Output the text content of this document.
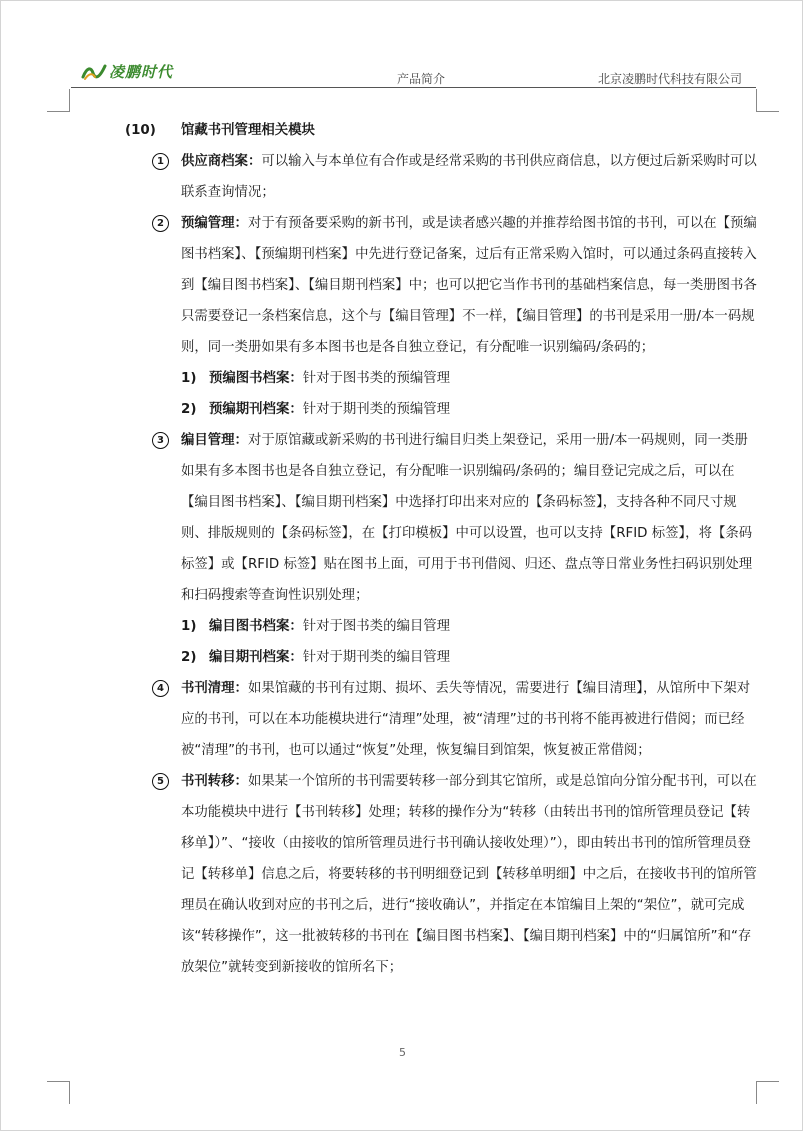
凌鹏时代	产品简介	北京凌鹏时代科技有限公司
(10)	馆藏书刊管理相关模块
1	供应商档案：可以输入与本单位有合作或是经常采购的书刊供应商信息，以方便过后新采购时可以联系查询情况；
2	预编管理：对于有预备要采购的新书刊，或是读者感兴趣的并推荐给图书馆的书刊，可以在【预编图书档案】、【预编期刊档案】中先进行登记备案，过后有正常采购入馆时，可以通过条码直接转入到【编目图书档案】、【编目期刊档案】中；也可以把它当作书刊的基础档案信息，每一类册图书各只需要登记一条档案信息，这个与【编目管理】不一样，【编目管理】的书刊是采用一册/本一码规则，同一类册如果有多本图书也是各自独立登记，有分配唯一识别编码/条码的；
1) 预编图书档案：针对于图书类的预编管理
2) 预编期刊档案：针对于期刊类的预编管理
3	编目管理：对于原馆藏或新采购的书刊进行编目归类上架登记，采用一册/本一码规则，同一类册如果有多本图书也是各自独立登记，有分配唯一识别编码/条码的；编目登记完成之后，可以在【编目图书档案】、【编目期刊档案】中选择打印出来对应的【条码标签】，支持各种不同尺寸规则、排版规则的【条码标签】，在【打印模板】中可以设置，也可以支持【RFID 标签】，将【条码标签】或【RFID 标签】贴在图书上面，可用于书刊借阅、归还、盘点等日常业务性扫码识别处理和扫码搜索等查询性识别处理；
1) 编目图书档案：针对于图书类的编目管理
2) 编目期刊档案：针对于期刊类的编目管理
4	书刊清理：如果馆藏的书刊有过期、损坏、丢失等情况，需要进行【编目清理】，从馆所中下架对应的书刊，可以在本功能模块进行“清理”处理，被“清理”过的书刊将不能再被进行借阅；而已经被“清理”的书刊，也可以通过“恢复”处理，恢复编目到馆架，恢复被正常借阅；
5	书刊转移：如果某一个馆所的书刊需要转移一部分到其它馆所，或是总馆向分馆分配书刊，可以在本功能模块中进行【书刊转移】处理；转移的操作分为“转移（由转出书刊的馆所管理员登记【转移单】）”、“接收（由接收的馆所管理员进行书刊确认接收处理）”），即由转出书刊的馆所管理员登记【转移单】信息之后，将要转移的书刊明细登记到【转移单明细】中之后，在接收书刊的馆所管理员在确认收到对应的书刊之后，进行“接收确认”，并指定在本馆编目上架的“架位”，就可完成该“转移操作”，这一批被转移的书刊在【编目图书档案】、【编目期刊档案】中的“归属馆所”和“存放架位”就转变到新接收的馆所名下；
5
